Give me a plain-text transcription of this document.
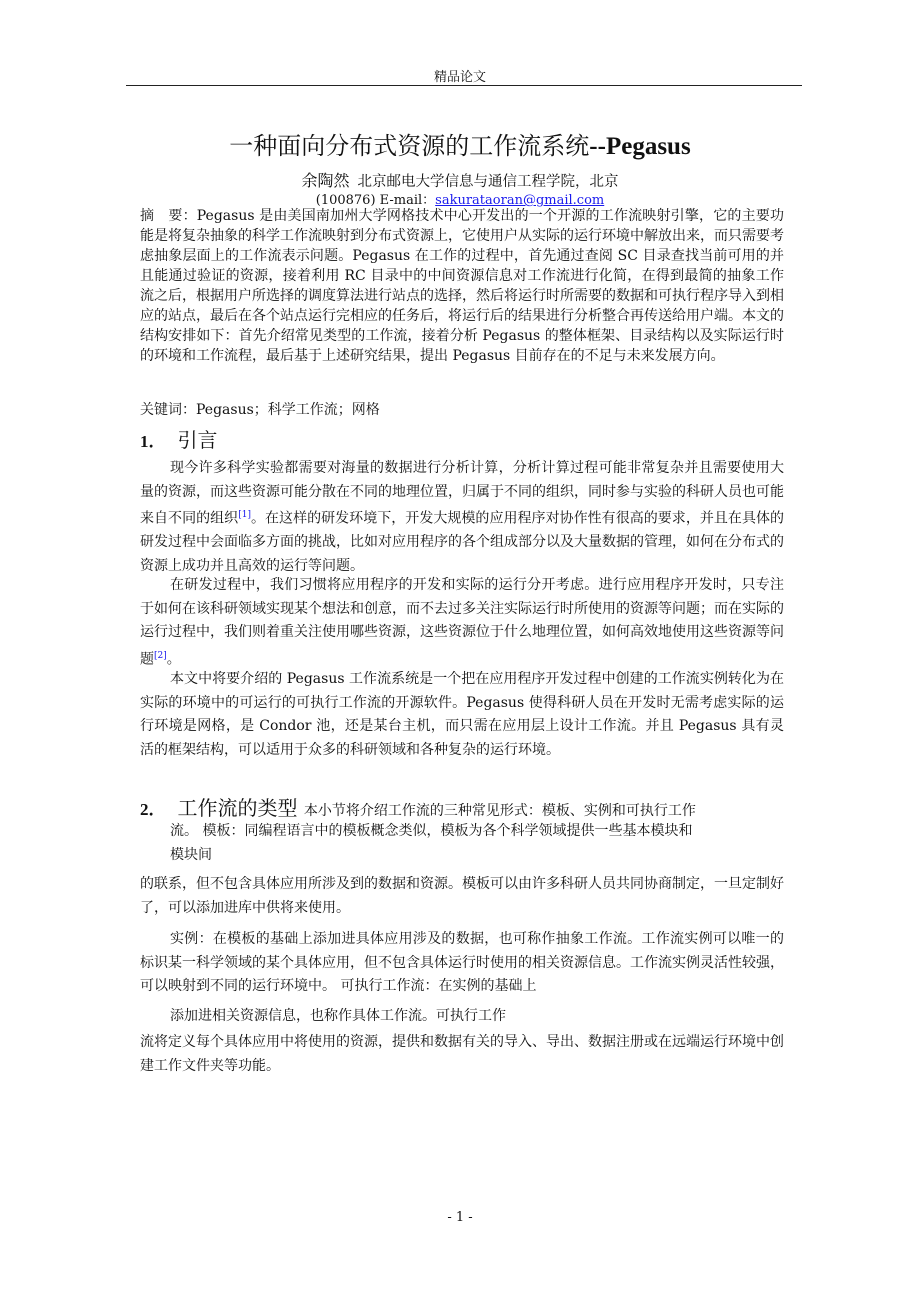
精品论文
一种面向分布式资源的工作流系统--Pegasus
余陶然 北京邮电大学信息与通信工程学院，北京
(100876) E-mail：sakurataoran@gmail.com
摘　要：Pegasus 是由美国南加州大学网格技术中心开发出的一个开源的工作流映射引擎，它的主要功能是将复杂抽象的科学工作流映射到分布式资源上，它使用户从实际的运行环境中解放出来，而只需要考虑抽象层面上的工作流表示问题。Pegasus 在工作的过程中，首先通过查阅 SC 目录查找当前可用的并且能通过验证的资源，接着利用 RC 目录中的中间资源信息对工作流进行化简，在得到最简的抽象工作流之后，根据用户所选择的调度算法进行站点的选择，然后将运行时所需要的数据和可执行程序导入到相应的站点，最后在各个站点运行完相应的任务后，将运行后的结果进行分析整合再传送给用户端。本文的结构安排如下：首先介绍常见类型的工作流，接着分析 Pegasus 的整体框架、目录结构以及实际运行时的环境和工作流程，最后基于上述研究结果，提出 Pegasus 目前存在的不足与未来发展方向。
关键词：Pegasus；科学工作流；网格
1． 引言
现今许多科学实验都需要对海量的数据进行分析计算，分析计算过程可能非常复杂并且需要使用大量的资源，而这些资源可能分散在不同的地理位置，归属于不同的组织，同时参与实验的科研人员也可能来自不同的组织[1]。在这样的研发环境下，开发大规模的应用程序对协作性有很高的要求，并且在具体的研发过程中会面临多方面的挑战，比如对应用程序的各个组成部分以及大量数据的管理，如何在分布式的资源上成功并且高效的运行等问题。
在研发过程中，我们习惯将应用程序的开发和实际的运行分开考虑。进行应用程序开发时，只专注于如何在该科研领域实现某个想法和创意，而不去过多关注实际运行时所使用的资源等问题；而在实际的运行过程中，我们则着重关注使用哪些资源，这些资源位于什么地理位置，如何高效地使用这些资源等问题[2]。
本文中将要介绍的 Pegasus 工作流系统是一个把在应用程序开发过程中创建的工作流实例转化为在实际的环境中的可运行的可执行工作流的开源软件。Pegasus 使得科研人员在开发时无需考虑实际的运行环境是网格，是 Condor 池，还是某台主机，而只需在应用层上设计工作流。并且 Pegasus 具有灵活的框架结构，可以适用于众多的科研领域和各种复杂的运行环境。
2． 工作流的类型 本小节将介绍工作流的三种常见形式：模板、实例和可执行工作
流。 模板：同编程语言中的模板概念类似，模板为各个科学领域提供一些基本模块和
模块间
的联系，但不包含具体应用所涉及到的数据和资源。模板可以由许多科研人员共同协商制定，一旦定制好了，可以添加进库中供将来使用。
实例：在模板的基础上添加进具体应用涉及的数据，也可称作抽象工作流。工作流实例可以唯一的标识某一科学领域的某个具体应用，但不包含具体运行时使用的相关资源信息。工作流实例灵活性较强，可以映射到不同的运行环境中。 可执行工作流：在实例的基础上
添加进相关资源信息，也称作具体工作流。可执行工作
流将定义每个具体应用中将使用的资源，提供和数据有关的导入、导出、数据注册或在远端运行环境中创建工作文件夹等功能。
- 1 -
